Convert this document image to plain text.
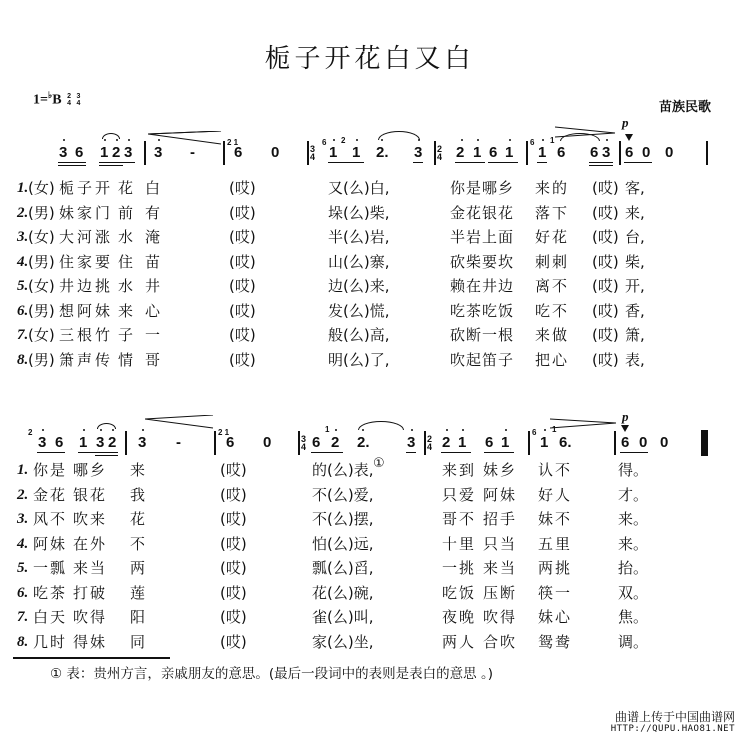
栀子开花白又白
1=♭B 2
4

3
4	苗族民歌
p
3 6 1 2 3 3 -
2 1
6 0	3
4
6
1
2
1 2. 3 2
4 2 1 6 1
6
1
1
6 6 3 6 0 0
1. (女) 栀子开 花 白	(哎)	又(么)白,	你是哪乡 来的 (哎) 客,
2. (男) 妹家门 前 有	(哎)	垛(么)柴,	金花银花 落下 (哎) 来,
3. (女) 大河涨 水 淹	(哎)	半(么)岩,	半岩上面 好花 (哎) 台,
4. (男) 住家要 住 苗	(哎)	山(么)寨,	砍柴要坎 刺刺 (哎) 柴,
5. (女) 井边挑 水 井	(哎)	边(么)来,	赖在井边 离不 (哎) 开,
6. (男) 想阿妹 来 心	(哎)	发(么)慌,	吃茶吃饭 吃不 (哎) 香,
7. (女) 三根竹 子 一	(哎)	般(么)高,	砍断一根 来做 (哎) 箫,
8. (男) 箫声传 情 哥	(哎)	明(么)了,	吹起笛子 把心 (哎) 表,
p
2
3 6 1 3 2 3 -
2 1
6 0	3
4 6
1
2 2. 3 2
4 2 1 6 1
6
1
1
6.	6 0 0
1. 你是 哪乡 来	(哎)	的(么)表, ①	来到 妹乡 认不	得。
2. 金花 银花 我	(哎)	不(么)爱,	只爱 阿妹 好人	才。
3. 风不 吹来 花	(哎)	不(么)摆,	哥不 招手 妹不	来。
4. 阿妹 在外 不	(哎)	怕(么)远,	十里 只当 五里	来。
5. 一瓢 来当 两	(哎)	瓢(么)舀,	一挑 来当 两挑	抬。
6. 吃茶 打破 莲	(哎)	花(么)碗,	吃饭 压断 筷一	双。
7. 白天 吹得 阳	(哎)	雀(么)叫,	夜晚 吹得 妹心	焦。
8. 几时 得妹 同	(哎)	家(么)坐,	两人 合吹 鸳鸯	调。
① 表：贵州方言，亲戚朋友的意思。(最后一段词中的表则是表白的意思 。)
曲谱上传于中国曲谱网
HTTP://QUPU.HAO81.NET
